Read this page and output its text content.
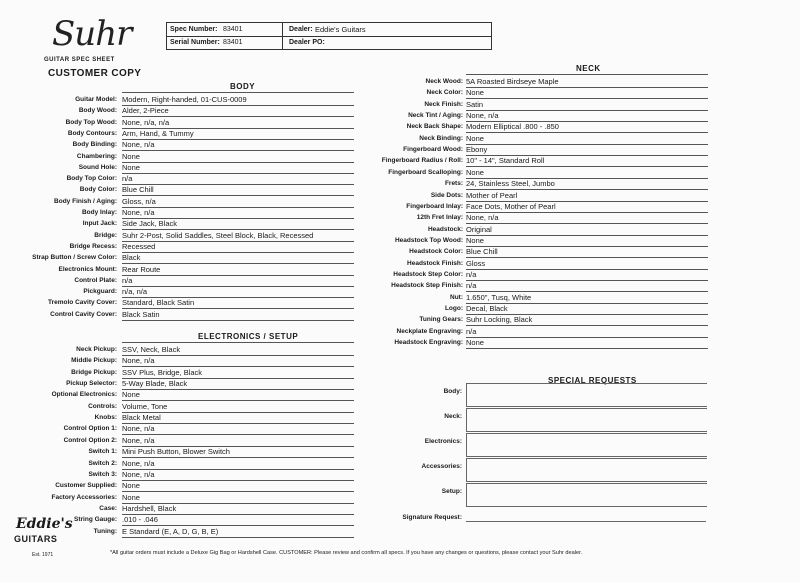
Suhr
GUITAR SPEC SHEET
CUSTOMER COPY
Spec Number: 83401
Serial Number: 83401
Dealer: Eddie's Guitars
Dealer PO:
BODY
ELECTRONICS / SETUP
NECK
SPECIAL REQUESTS
Guitar Model: Modern, Right-handed, 01-CUS-0009
Body Wood: Alder, 2-Piece
Body Top Wood: None, n/a, n/a
Body Contours: Arm, Hand, & Tummy
Body Binding: None, n/a
Chambering: None
Sound Hole: None
Body Top Color: n/a
Body Color: Blue Chill
Body Finish / Aging: Gloss, n/a
Body Inlay: None, n/a
Input Jack: Side Jack, Black
Bridge: Suhr 2-Post, Solid Saddles, Steel Block, Black, Recessed
Bridge Recess: Recessed
Strap Button / Screw Color: Black
Electronics Mount: Rear Route
Control Plate: n/a
Pickguard: n/a, n/a
Tremolo Cavity Cover: Standard, Black Satin
Control Cavity Cover: Black Satin
Neck Pickup: SSV, Neck, Black
Middle Pickup: None, n/a
Bridge Pickup: SSV Plus, Bridge, Black
Pickup Selector: 5-Way Blade, Black
Optional Electronics: None
Controls: Volume, Tone
Knobs: Black Metal
Control Option 1: None, n/a
Control Option 2: None, n/a
Switch 1: Mini Push Button, Blower Switch
Switch 2: None, n/a
Switch 3: None, n/a
Customer Supplied: None
Factory Accessories: None
Case: Hardshell, Black
String Gauge: .010 - .046
Tuning: E Standard (E, A, D, G, B, E)
Neck Wood: 5A Roasted Birdseye Maple
Neck Color: None
Neck Finish: Satin
Neck Tint / Aging: None, n/a
Neck Back Shape: Modern Elliptical .800 - .850
Neck Binding: None
Fingerboard Wood: Ebony
Fingerboard Radius / Roll: 10" - 14", Standard Roll
Fingerboard Scalloping: None
Frets: 24, Stainless Steel, Jumbo
Side Dots: Mother of Pearl
Fingerboard Inlay: Face Dots, Mother of Pearl
12th Fret Inlay: None, n/a
Headstock: Original
Headstock Top Wood: None
Headstock Color: Blue Chill
Headstock Finish: Gloss
Headstock Step Color: n/a
Headstock Step Finish: n/a
Nut: 1.650", Tusq, White
Logo: Decal, Black
Tuning Gears: Suhr Locking, Black
Neckplate Engraving: n/a
Headstock Engraving: None
Body:
Neck:
Electronics:
Accessories:
Setup:
Signature Request:
*All guitar orders must include a Deluxe Gig Bag or Hardshell Case. CUSTOMER: Please review and confirm all specs. If you have any changes or questions, please contact your Suhr dealer.
Eddie's
GUITARS
Est. 1971
